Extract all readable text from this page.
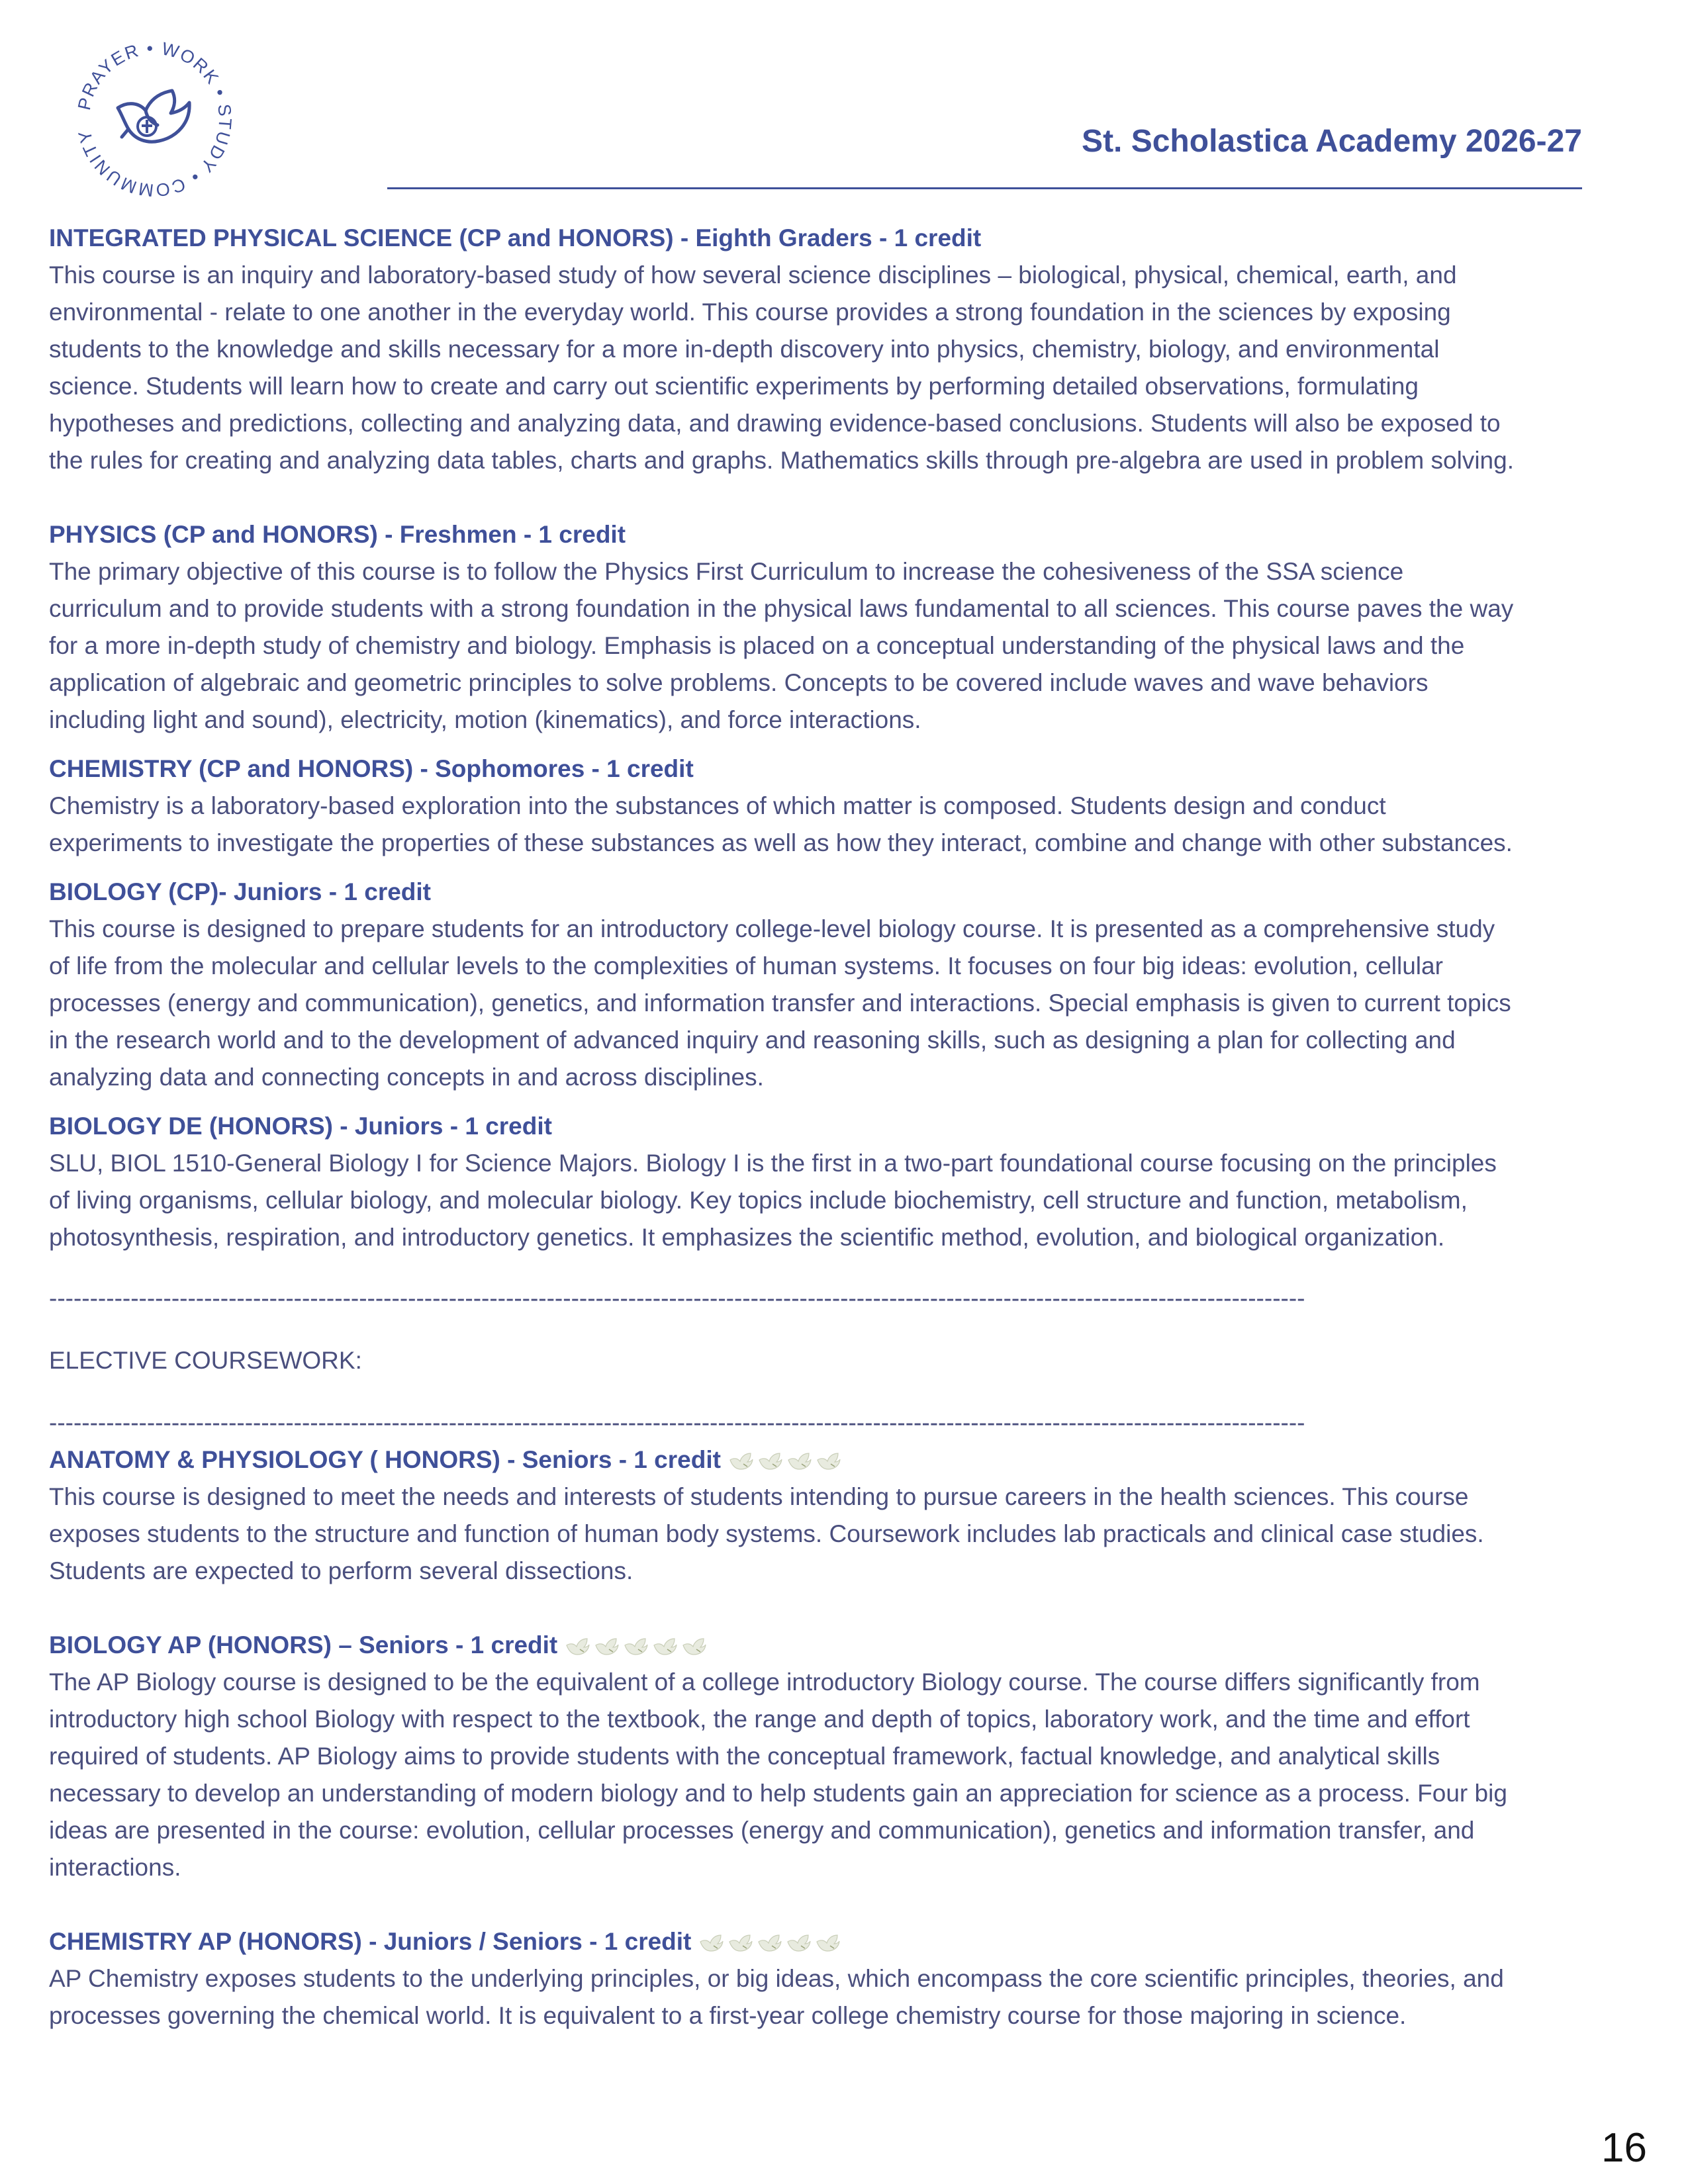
PRAYER • WORK • STUDY • COMMUNITY	St. Scholastica Academy 2026-27
INTEGRATED PHYSICAL SCIENCE (CP and HONORS) - Eighth Graders - 1 credit
This course is an inquiry and laboratory-based study of how several science disciplines – biological, physical, chemical, earth, and
environmental - relate to one another in the everyday world. This course provides a strong foundation in the sciences by exposing
students to the knowledge and skills necessary for a more in-depth discovery into physics, chemistry, biology, and environmental
science. Students will learn how to create and carry out scientific experiments by performing detailed observations, formulating
hypotheses and predictions, collecting and analyzing data, and drawing evidence-based conclusions. Students will also be exposed to
the rules for creating and analyzing data tables, charts and graphs. Mathematics skills through pre-algebra are used in problem solving.
PHYSICS (CP and HONORS) - Freshmen - 1 credit
The primary objective of this course is to follow the Physics First Curriculum to increase the cohesiveness of the SSA science
curriculum and to provide students with a strong foundation in the physical laws fundamental to all sciences. This course paves the way
for a more in-depth study of chemistry and biology. Emphasis is placed on a conceptual understanding of the physical laws and the
application of algebraic and geometric principles to solve problems. Concepts to be covered include waves and wave behaviors
including light and sound), electricity, motion (kinematics), and force interactions.
CHEMISTRY (CP and HONORS) - Sophomores - 1 credit
Chemistry is a laboratory-based exploration into the substances of which matter is composed. Students design and conduct
experiments to investigate the properties of these substances as well as how they interact, combine and change with other substances.
BIOLOGY (CP)- Juniors - 1 credit
This course is designed to prepare students for an introductory college-level biology course. It is presented as a comprehensive study
of life from the molecular and cellular levels to the complexities of human systems. It focuses on four big ideas: evolution, cellular
processes (energy and communication), genetics, and information transfer and interactions. Special emphasis is given to current topics
in the research world and to the development of advanced inquiry and reasoning skills, such as designing a plan for collecting and
analyzing data and connecting concepts in and across disciplines.
BIOLOGY DE (HONORS) - Juniors - 1 credit
SLU, BIOL 1510-General Biology I for Science Majors. Biology I is the first in a two-part foundational course focusing on the principles
of living organisms, cellular biology, and molecular biology. Key topics include biochemistry, cell structure and function, metabolism,
photosynthesis, respiration, and introductory genetics. It emphasizes the scientific method, evolution, and biological organization.
----------------------------------------------------------------------------------------------------------------------------------------------------------
ELECTIVE COURSEWORK:
----------------------------------------------------------------------------------------------------------------------------------------------------------
ANATOMY & PHYSIOLOGY ( HONORS) - Seniors - 1 credit
This course is designed to meet the needs and interests of students intending to pursue careers in the health sciences. This course
exposes students to the structure and function of human body systems. Coursework includes lab practicals and clinical case studies.
Students are expected to perform several dissections.
BIOLOGY AP (HONORS) – Seniors - 1 credit
The AP Biology course is designed to be the equivalent of a college introductory Biology course. The course differs significantly from
introductory high school Biology with respect to the textbook, the range and depth of topics, laboratory work, and the time and effort
required of students. AP Biology aims to provide students with the conceptual framework, factual knowledge, and analytical skills
necessary to develop an understanding of modern biology and to help students gain an appreciation for science as a process. Four big
ideas are presented in the course: evolution, cellular processes (energy and communication), genetics and information transfer, and
interactions.
CHEMISTRY AP (HONORS) - Juniors / Seniors - 1 credit
AP Chemistry exposes students to the underlying principles, or big ideas, which encompass the core scientific principles, theories, and
processes governing the chemical world. It is equivalent to a first-year college chemistry course for those majoring in science.
16
